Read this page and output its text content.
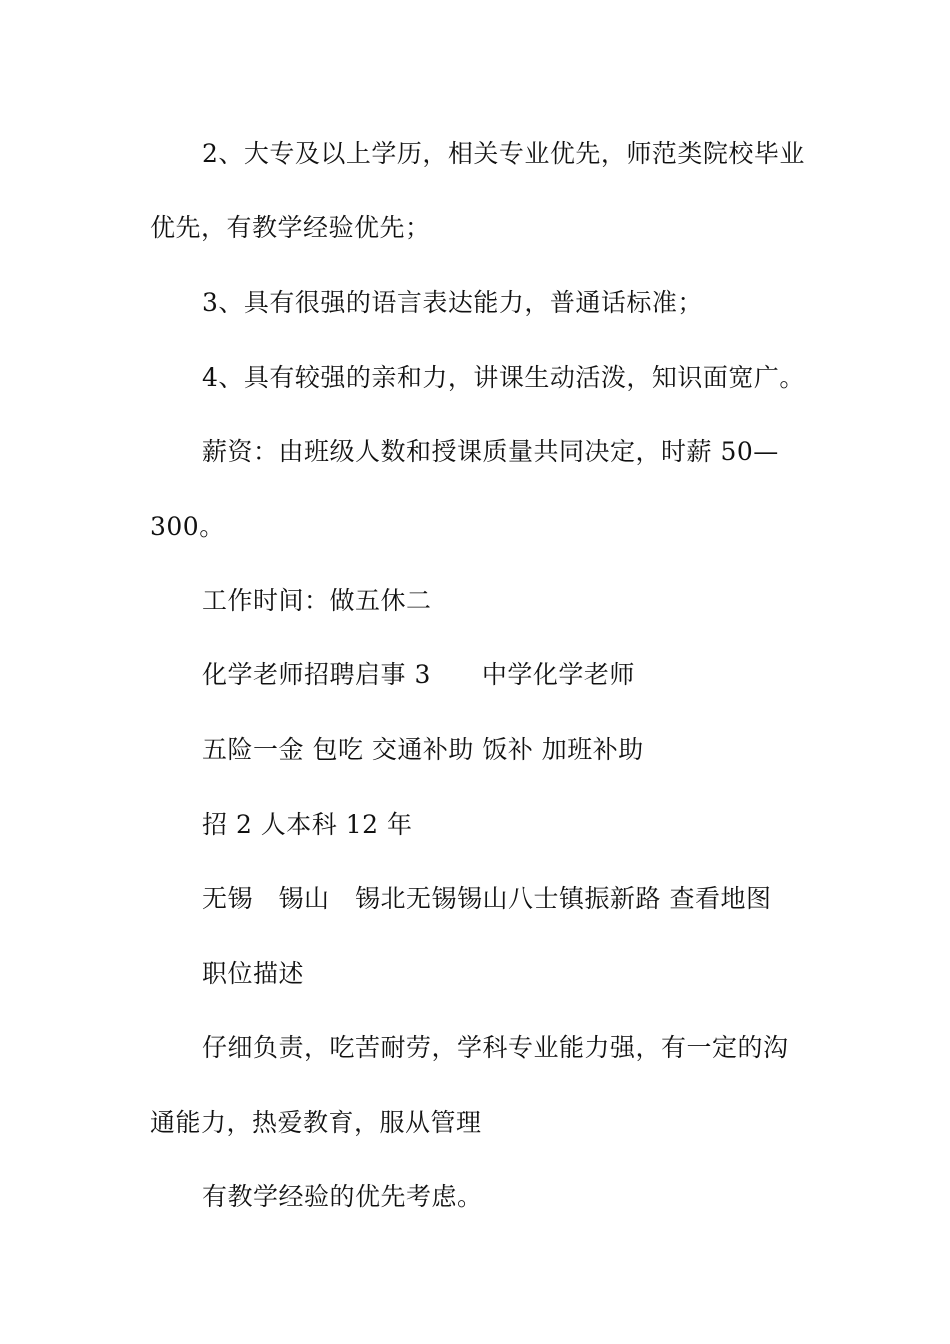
2、大专及以上学历，相关专业优先，师范类院校毕业
优先，有教学经验优先；
3、具有很强的语言表达能力，普通话标准；
4、具有较强的亲和力，讲课生动活泼，知识面宽广。
薪资：由班级人数和授课质量共同决定，时薪 50—
300。
工作时间：做五休二
化学老师招聘启事 3　　中学化学老师
五险一金 包吃 交通补助 饭补 加班补助
招 2 人本科 12 年
无锡　锡山　锡北无锡锡山八士镇振新路 查看地图
职位描述
仔细负责，吃苦耐劳，学科专业能力强，有一定的沟
通能力，热爱教育，服从管理
有教学经验的优先考虑。
